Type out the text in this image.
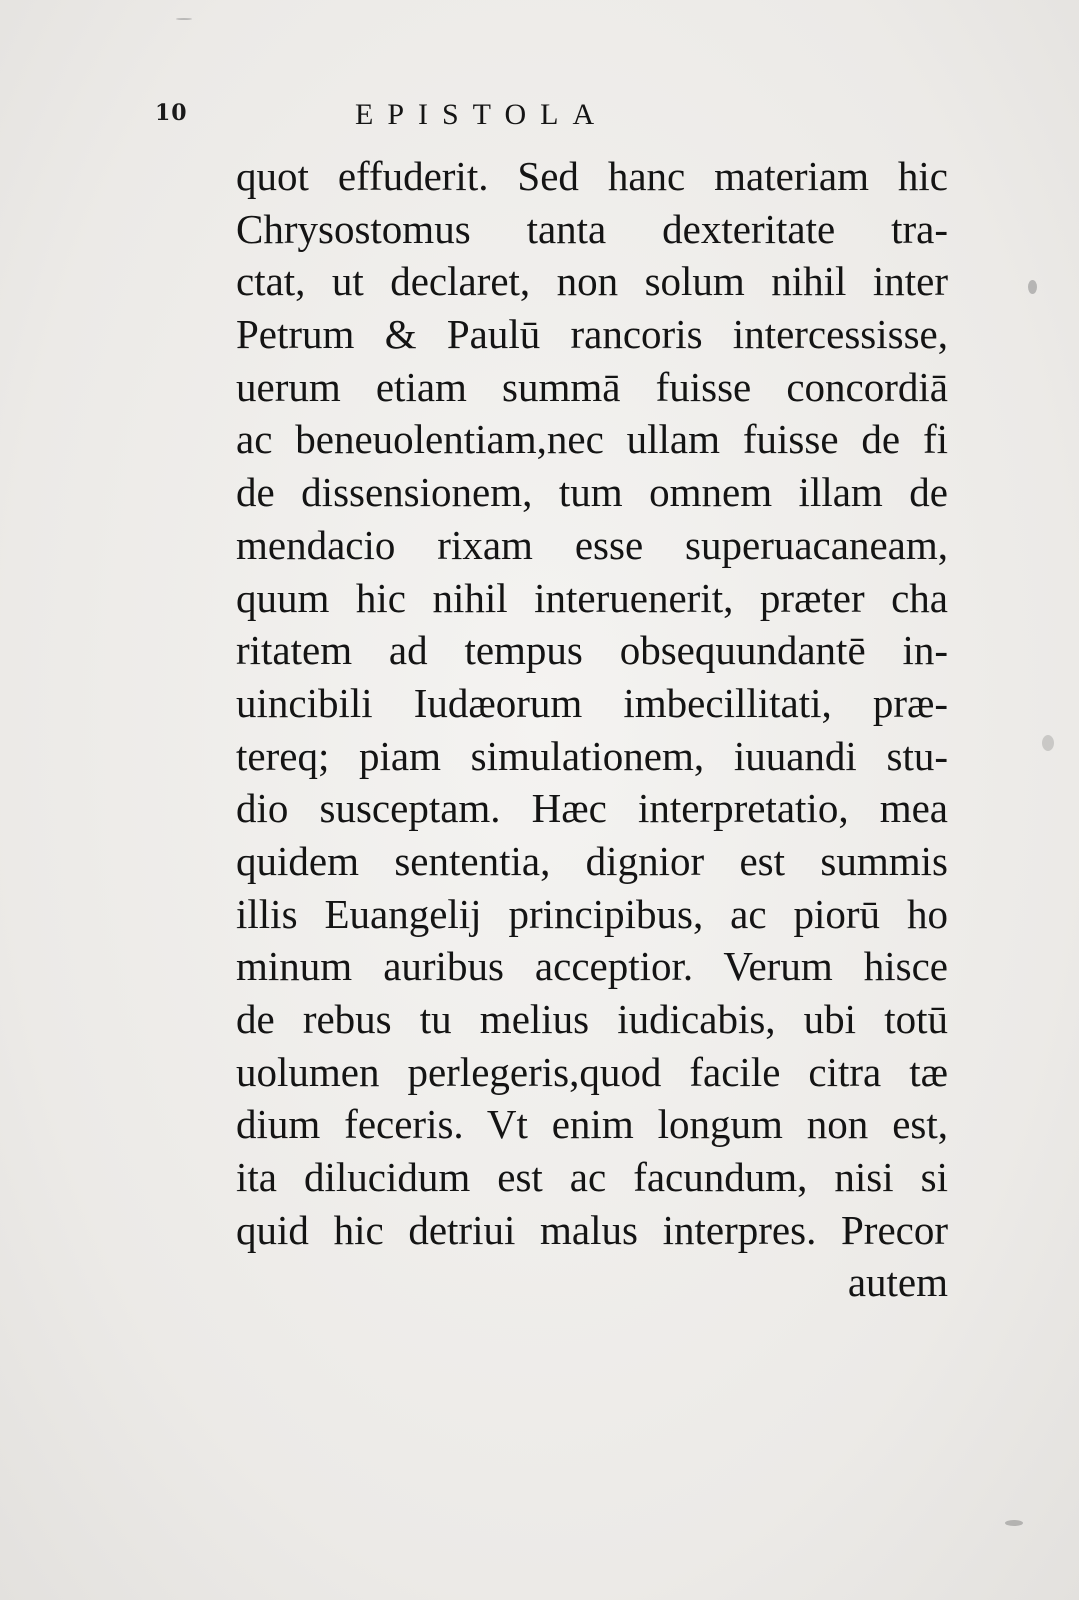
10	EPISTOLA
quot effuderit. Sed hanc materiam hic
Chrysostomus tanta dexteritate tra-
ctat, ut declaret, non solum nihil inter
Petrum & Paulū rancoris intercessisse,
uerum etiam summā fuisse concordiā
ac beneuolentiam,nec ullam fuisse de fi
de dissensionem, tum omnem illam de
mendacio rixam esse superuacaneam,
quum hic nihil interuenerit, præter cha
ritatem ad tempus obsequundantē in-
uincibili Iudæorum imbecillitati, præ-
tereq; piam simulationem, iuuandi stu-
dio susceptam. Hæc interpretatio, mea
quidem sententia, dignior est summis
illis Euangelij principibus, ac piorū ho
minum auribus acceptior. Verum hisce
de rebus tu melius iudicabis, ubi totū
uolumen perlegeris,quod facile citra tæ
dium feceris. Vt enim longum non est,
ita dilucidum est ac facundum, nisi si
quid hic detriui malus interpres. Precor
autem
